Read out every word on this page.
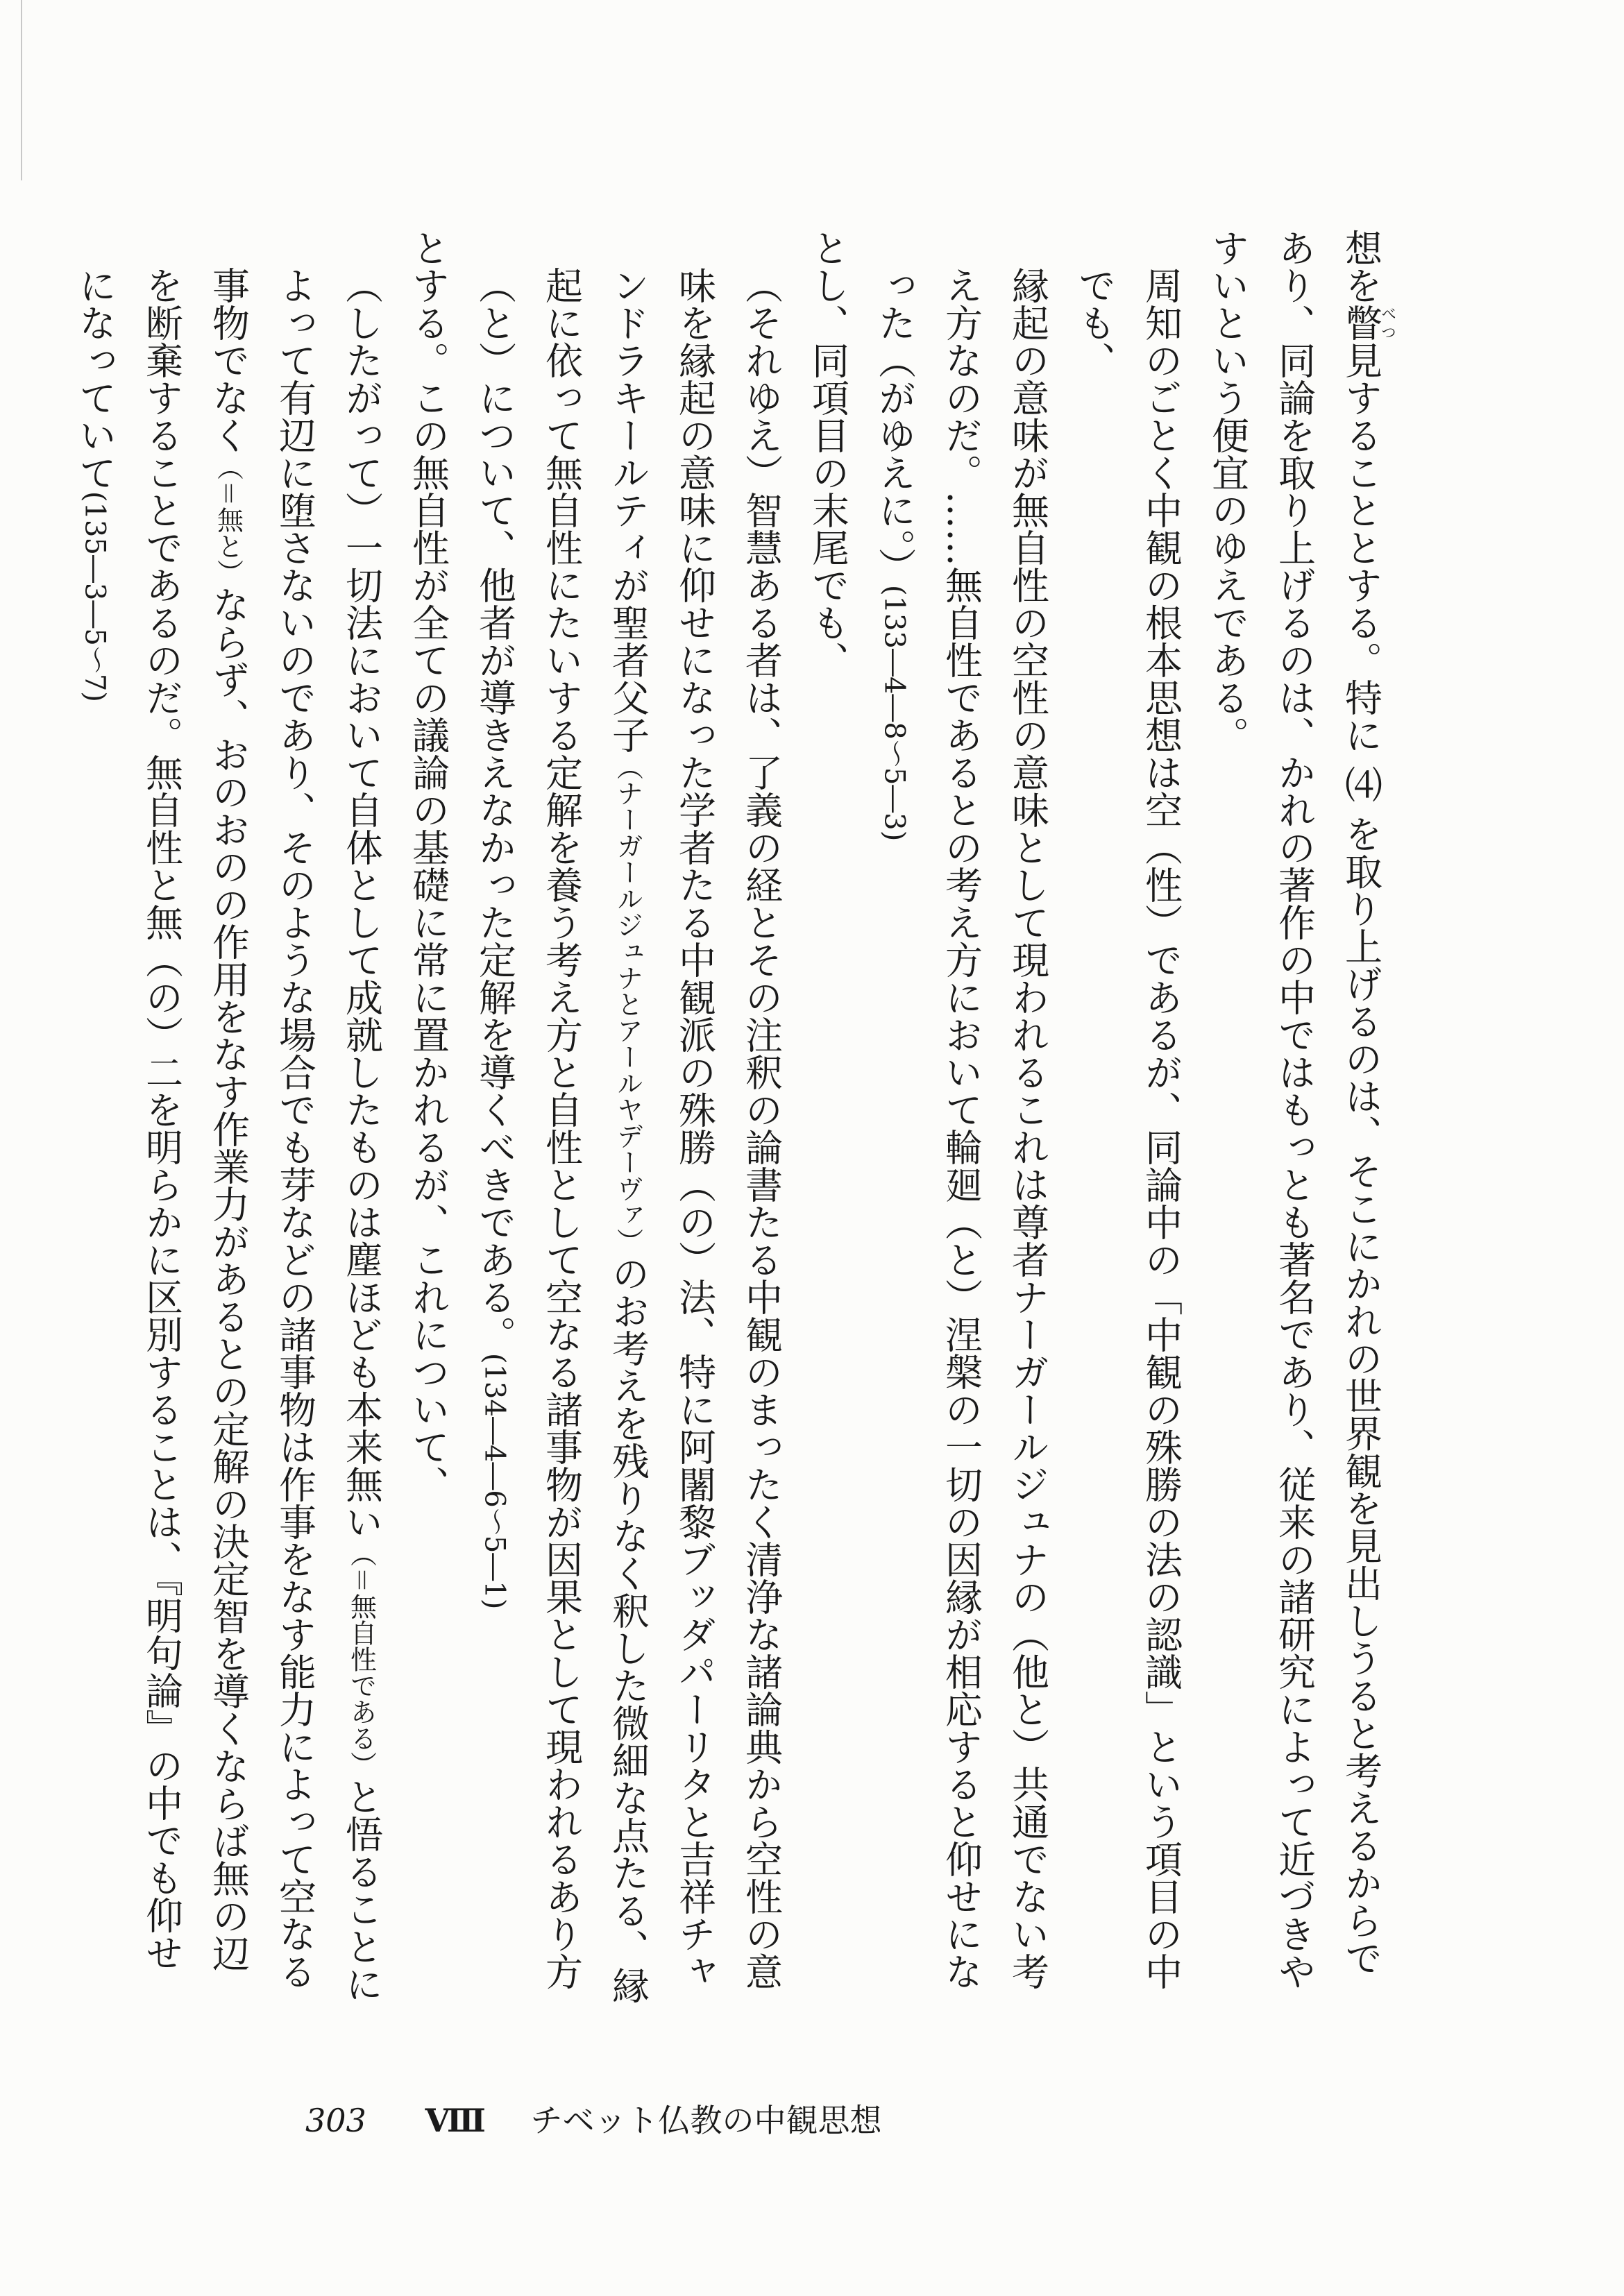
想を瞥べつ見することとする。特に ⑷ を取り上げるのは、そこにかれの世界観を見出しうると考えるからであり、同論を取り上げるのは、かれの著作の中ではもっとも著名であり、従来の諸研究によって近づきやすいという便宜のゆえである。

周知のごとく中観の根本思想は空（性）であるが、同論中の「中観の殊勝の法の認識」という項目の中でも、

縁起の意味が無自性の空性の意味として現われるこれは尊者ナーガールジュナの（他と）共通でない考え方なのだ。……無自性であるとの考え方において輪廻（と）涅槃の一切の因縁が相応すると仰せになった（がゆえに。）(133―4―8～5―3)

とし、同項目の末尾でも、

（それゆえ）智慧ある者は、了義の経とその注釈の論書たる中観のまったく清浄な諸論典から空性の意味を縁起の意味に仰せになった学者たる中観派の殊勝（の）法、特に阿闍黎ブッダパーリタと吉祥チャンドラキールティが聖者父子（ナーガールジュナとアールヤデーヴァ）のお考えを残りなく釈した微細な点たる、縁起に依って無自性にたいする定解を養う考え方と自性として空なる諸事物が因果として現われるあり方（と）について、他者が導きえなかった定解を導くべきである。(134―4―6～5―1)

とする。この無自性が全ての議論の基礎に常に置かれるが、これについて、

（したがって）一切法において自体として成就したものは塵ほども本来無い（＝無自性である）と悟ることによって有辺に堕さないのであり、そのような場合でも芽などの諸事物は作事をなす能力によって空なる事物でなく（＝無と）ならず、おのおのの作用をなす作業力があるとの定解の決定智を導くならば無の辺を断棄することであるのだ。無自性と無（の）二を明らかに区別することは、『明句論』の中でも仰せになっていて(135―3―5～7)

303 Ⅷ チベット仏教の中観思想
